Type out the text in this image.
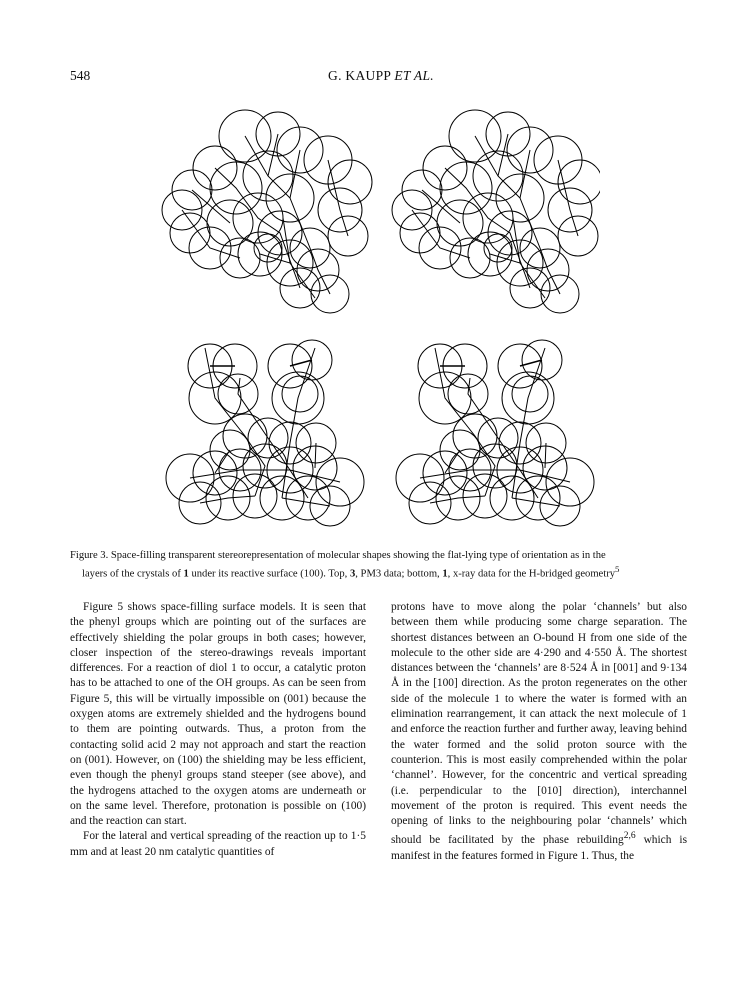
548	G. KAUPP ET AL.
Figure 3. Space-filling transparent stereorepresentation of molecular shapes showing the flat-lying type of orientation as in the
layers of the crystals of 1 under its reactive surface (100). Top, 3, PM3 data; bottom, 1, x-ray data for the H-bridged geometry$^5$

Figure 5 shows space-filling surface models. It is seen that the phenyl groups which are pointing out of the surfaces are effectively shielding the polar groups in both cases; however, closer inspection of the stereo-drawings reveals important differences. For a reaction of diol 1 to occur, a catalytic proton has to be attached to one of the OH groups. As can be seen from Figure 5, this will be virtually impossible on (001) because the oxygen atoms are extremely shielded and the hydrogens bound to them are pointing outwards. Thus, a proton from the contacting solid acid 2 may not approach and start the reaction on (001). However, on (100) the shielding may be less efficient, even though the phenyl groups stand steeper (see above), and the hydrogens attached to the oxygen atoms are underneath or on the same level. Therefore, protonation is possible on (100) and the reaction can start.

For the lateral and vertical spreading of the reaction up to 1·5 mm and at least 20 nm catalytic quantities of

protons have to move along the polar ‘channels’ but also between them while producing some charge separation. The shortest distances between an O-bound H from one side of the molecule to the other side are 4·290 and 4·550 Å. The shortest distances between the ‘channels’ are 8·524 Å in [001] and 9·134 Å in the [100] direction. As the proton regenerates on the other side of the molecule 1 to where the water is formed with an elimination rearrangement, it can attack the next molecule of 1 and enforce the reaction further and further away, leaving behind the water formed and the solid proton source with the counterion. This is most easily comprehended within the polar ‘channel’. However, for the concentric and vertical spreading (i.e. perpendicular to the [010] direction), interchannel movement of the proton is required. This event needs the opening of links to the neighbouring polar ‘channels’ which should be facilitated by the phase rebuilding$^{2,6}$ which is manifest in the features formed in Figure 1. Thus, the
